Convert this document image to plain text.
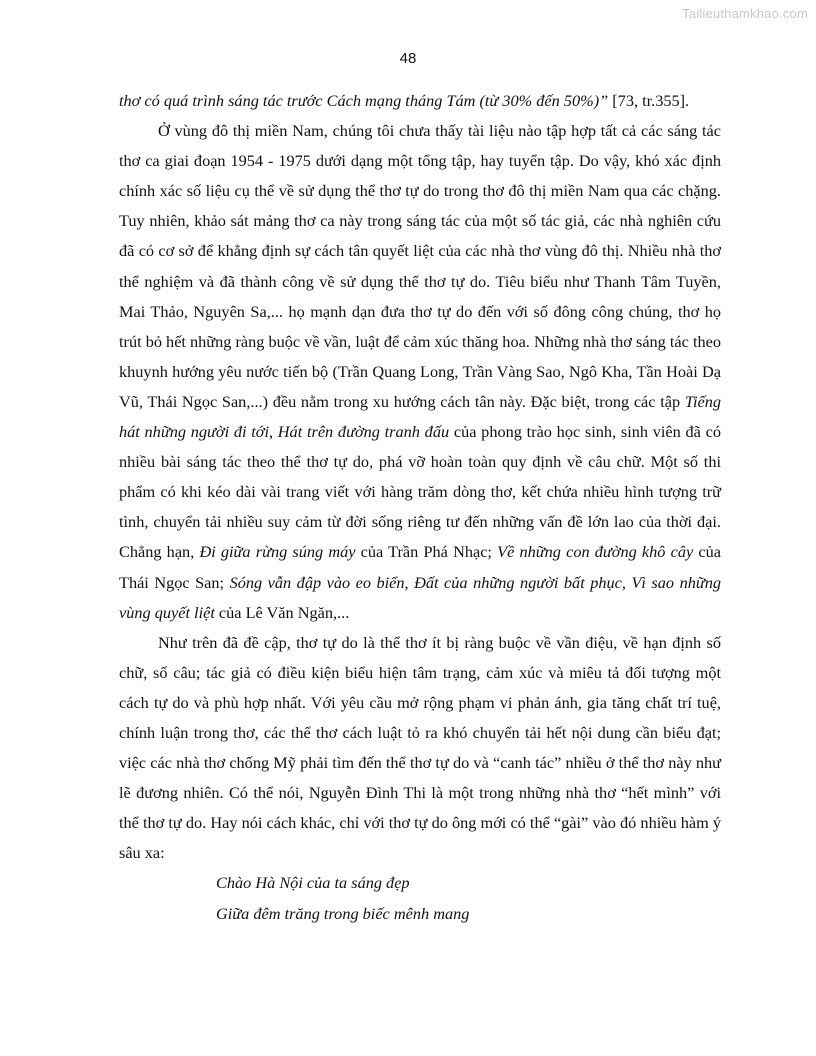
Tailieuthamkhao.com
48

thơ có quá trình sáng tác trước Cách mạng tháng Tám (từ 30% đến 50%)” [73, tr.355].

Ở vùng đô thị miền Nam, chúng tôi chưa thấy tài liệu nào tập hợp tất cả các sáng tác thơ ca giai đoạn 1954 - 1975 dưới dạng một tổng tập, hay tuyển tập. Do vậy, khó xác định chính xác số liệu cụ thể về sử dụng thể thơ tự do trong thơ đô thị miền Nam qua các chặng. Tuy nhiên, khảo sát mảng thơ ca này trong sáng tác của một số tác giả, các nhà nghiên cứu đã có cơ sở để khẳng định sự cách tân quyết liệt của các nhà thơ vùng đô thị. Nhiều nhà thơ thể nghiệm và đã thành công về sử dụng thể thơ tự do. Tiêu biểu như Thanh Tâm Tuyền, Mai Thảo, Nguyên Sa,... họ mạnh dạn đưa thơ tự do đến với số đông công chúng, thơ họ trút bỏ hết những ràng buộc về vần, luật để cảm xúc thăng hoa. Những nhà thơ sáng tác theo khuynh hướng yêu nước tiến bộ (Trần Quang Long, Trần Vàng Sao, Ngô Kha, Tần Hoài Dạ Vũ, Thái Ngọc San,...) đều nằm trong xu hướng cách tân này. Đặc biệt, trong các tập Tiếng hát những người đi tới, Hát trên đường tranh đấu của phong trào học sinh, sinh viên đã có nhiều bài sáng tác theo thể thơ tự do, phá vỡ hoàn toàn quy định về câu chữ. Một số thi phẩm có khi kéo dài vài trang viết với hàng trăm dòng thơ, kết chứa nhiều hình tượng trữ tình, chuyển tải nhiều suy cảm từ đời sống riêng tư đến những vấn đề lớn lao của thời đại. Chẳng hạn, Đi giữa rừng súng máy của Trần Phá Nhạc; Về những con đường khô cây của Thái Ngọc San; Sóng vẫn đập vào eo biển, Đất của những người bất phục, Vì sao những vùng quyết liệt của Lê Văn Ngăn,...

Như trên đã đề cập, thơ tự do là thể thơ ít bị ràng buộc về vần điệu, về hạn định số chữ, số câu; tác giả có điều kiện biểu hiện tâm trạng, cảm xúc và miêu tả đối tượng một cách tự do và phù hợp nhất. Với yêu cầu mở rộng phạm vi phản ánh, gia tăng chất trí tuệ, chính luận trong thơ, các thể thơ cách luật tỏ ra khó chuyển tải hết nội dung cần biểu đạt; việc các nhà thơ chống Mỹ phải tìm đến thể thơ tự do và “canh tác” nhiều ở thể thơ này như lẽ đương nhiên. Có thể nói, Nguyễn Đình Thi là một trong những nhà thơ “hết mình” với thể thơ tự do. Hay nói cách khác, chỉ với thơ tự do ông mới có thể “gài” vào đó nhiều hàm ý sâu xa:

Chào Hà Nội của ta sáng đẹp

Giữa đêm trăng trong biếc mênh mang
